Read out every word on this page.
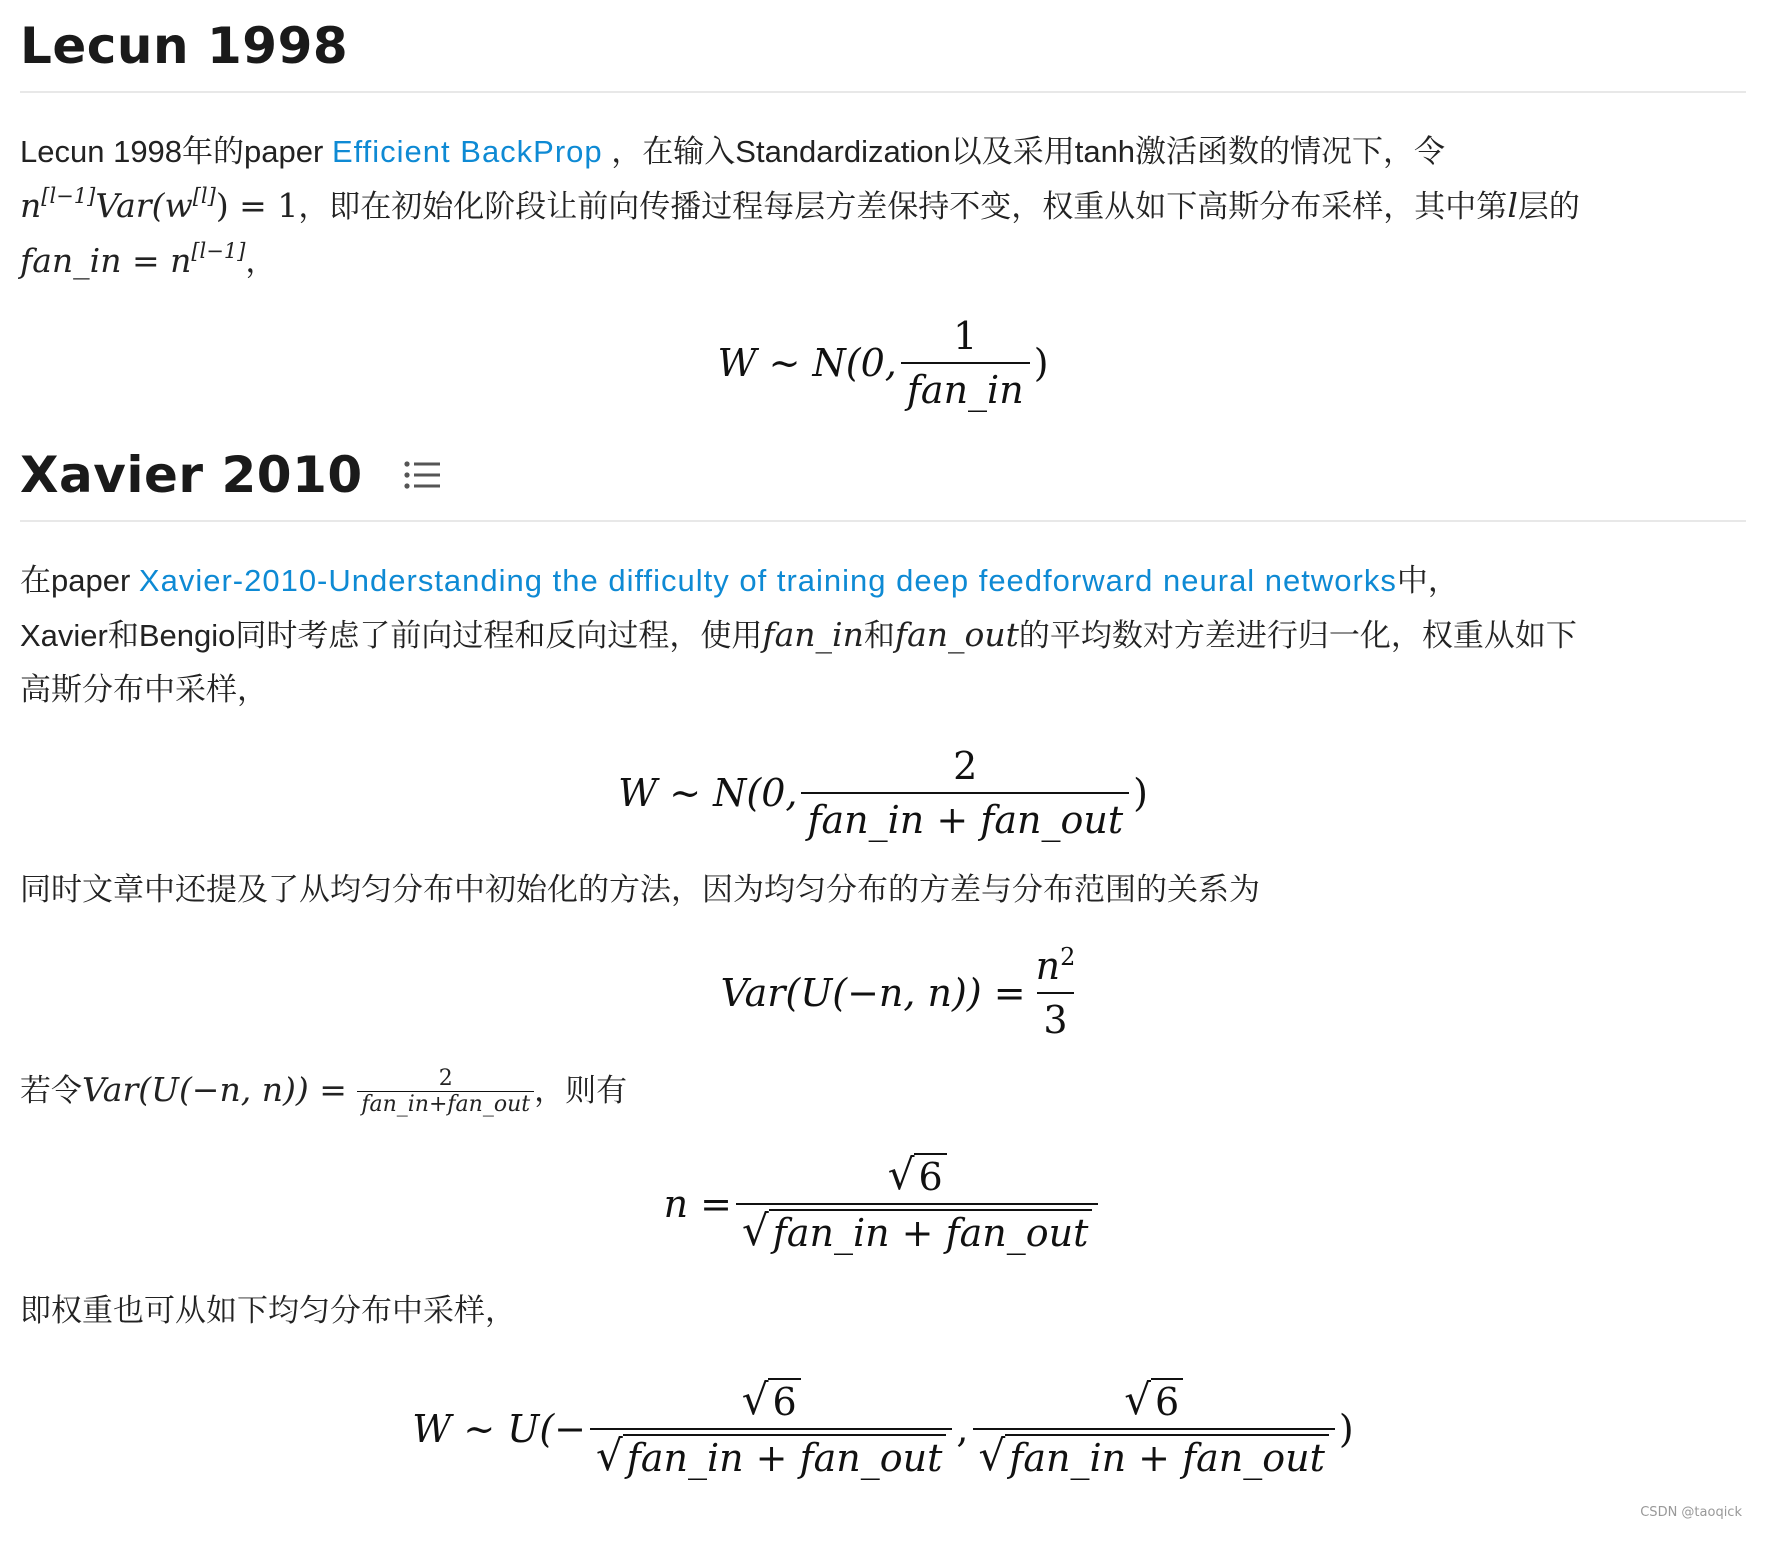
Lecun 1998

Lecun 1998年的paper Efficient BackProp ，在输入Standardization以及采用tanh激活函数的情况下，令
n[l−1]Var(w[l]) = 1，即在初始化阶段让前向传播过程每层方差保持不变，权重从如下高斯分布采样，其中第l层的
fan_in = n[l−1]，

W ∼ N(0, $\frac{1}{\text{fan\_in}}$ )
Xavier 2010

在paper Xavier-2010-Understanding the difficulty of training deep feedforward neural networks中，
Xavier和Bengio同时考虑了前向过程和反向过程，使用fan_in和fan_out的平均数对方差进行归一化，权重从如下
高斯分布中采样，

W ∼ N(0, $\frac{2}{\text{fan\_in + fan\_out}}$ )

同时文章中还提及了从均匀分布中初始化的方法，因为均匀分布的方差与分布范围的关系为

Var(U(−n, $n)) = \frac{n^2}{3}$

若令Var(U(−n, $n)) = \frac{2}{\text{fan\_in+fan\_out}}$ ，则有

$n = \frac{√ 6}{\text{√ fan\_in + fan\_out}}$

即权重也可从如下均匀分布中采样，

W ∼ $U(- \frac{√ 6}{\text{√ fan\_in + fan\_out}}$ , $\frac{√ 6}{\text{√ fan\_in + fan\_out}}$ )
CSDN @taoqick
